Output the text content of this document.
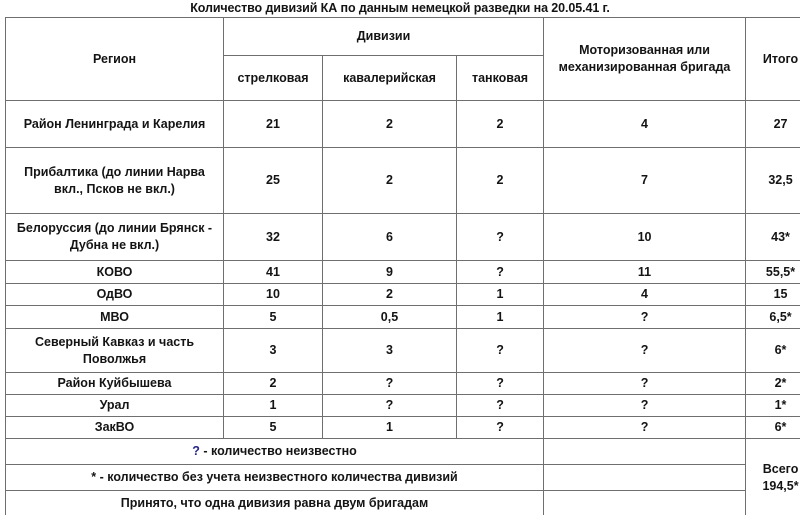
Количество дивизий КА по данным немецкой разведки на 20.05.41 г.
Регион	Дивизии			Моторизованная или механизированная бригада	Итого
	стрелковая	кавалерийская	танковая		
Район Ленинграда и Карелия	21	2	2	4	27
Прибалтика (до линии Нарва вкл., Псков не вкл.)	25	2	2	7	32,5
Белоруссия (до линии Брянск - Дубна не вкл.)	32	6	?	10	43*
КОВО	41	9	?	11	55,5*
ОдВО	10	2	1	4	15
МВО	5	0,5	1	?	6,5*
Северный Кавказ и часть Поволжья	3	3	?	?	6*
Район Куйбышева	2	?	?	?	2*
Урал	1	?	?	?	1*
ЗакВО	5	1	?	?	6*
? - количество неизвестно					Всего
194,5*

* - количество без учета неизвестного количества дивизий					
Принято, что одна дивизия равна двум бригадам					
